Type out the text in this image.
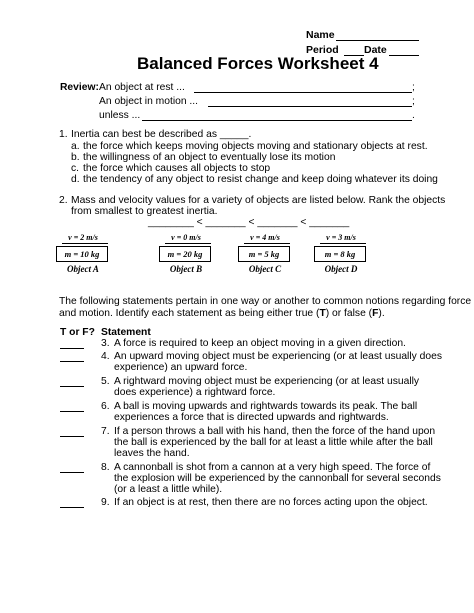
Name
Period Date
Balanced Forces Worksheet 4
Review: An object at rest ...	;
An object in motion ...	;
unless ...	.
1. Inertia can best be described as _____.
a. the force which keeps moving objects moving and stationary objects at rest.
b. the willingness of an object to eventually lose its motion
c. the force which causes all objects to stop
d. the tendency of any object to resist change and keep doing whatever its doing
2. Mass and velocity values for a variety of objects are listed below. Rank the objects
from smallest to greatest inertia.
________ < _______ < _______ < _______
v = 2 m/s
m = 10 kg
Object A
v = 0 m/s
m = 20 kg
Object B
v = 4 m/s
m = 5 kg
Object C
v = 3 m/s
m = 8 kg
Object D
The following statements pertain in one way or another to common notions regarding force
and motion. Identify each statement as being either true (T) or false (F).
T or F? Statement
3. A force is required to keep an object moving in a given direction.
4. An upward moving object must be experiencing (or at least usually does
experience) an upward force.
5. A rightward moving object must be experiencing (or at least usually
does experience) a rightward force.
6. A ball is moving upwards and rightwards towards its peak. The ball
experiences a force that is directed upwards and rightwards.
7. If a person throws a ball with his hand, then the force of the hand upon
the ball is experienced by the ball for at least a little while after the ball
leaves the hand.
8. A cannonball is shot from a cannon at a very high speed. The force of
the explosion will be experienced by the cannonball for several seconds
(or a least a little while).
9. If an object is at rest, then there are no forces acting upon the object.
